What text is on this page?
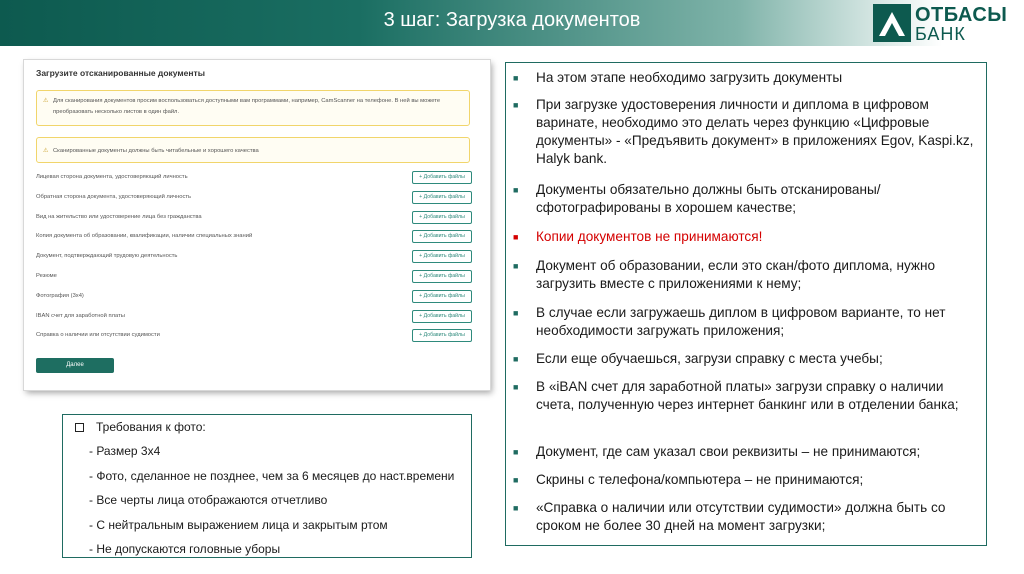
3 шаг: Загрузка документов	ОТБАСЫ
БАНК
Загрузите отсканированные документы
⚠ Для сканирования документов просим воспользоваться доступными вам программами, например, CamScanner на телефоне. В ней вы можете преобразовать несколько листов в один файл.
⚠ Сканированные документы должны быть читабельные и хорошего качества
Лицевая сторона документа, удостоверяющий личность	+ Добавить файлы
Обратная сторона документа, удостоверяющий личность	+ Добавить файлы
Вид на жительство или удостоверение лица без гражданства	+ Добавить файлы
Копия документа об образовании, квалификации, наличии специальных знаний	+ Добавить файлы
Документ, подтверждающий трудовую деятельность	+ Добавить файлы
Резюме	+ Добавить файлы
Фотография (3х4)	+ Добавить файлы
IBAN счет для заработной платы	+ Добавить файлы
Справка о наличии или отсутствии судимости	+ Добавить файлы
Далее
Требования к фото:
- Размер 3х4
- Фото, сделанное не позднее, чем за 6 месяцев до наст.времени
- Все черты лица отображаются отчетливо
- С нейтральным выражением лица и закрытым ртом
- Не допускаются головные уборы
■ На этом этапе необходимо загрузить документы
■ При загрузке удостоверения личности и диплома в цифровом варинате, необходимо это делать через функцию «Цифровые документы» - «Предъявить документ» в приложениях Egov, Kaspi.kz, Halyk bank.
■ Документы обязательно должны быть отсканированы/сфотографированы в хорошем качестве;
■ Копии документов не принимаются!
■ Документ об образовании, если это скан/фото диплома, нужно загрузить вместе с приложениями к нему;
■ В случае если загружаешь диплом в цифровом варианте, то нет необходимости загружать приложения;
■ Если еще обучаешься, загрузи справку с места учебы;
■ В «iBAN счет для заработной платы» загрузи справку о наличии счета, полученную через интернет банкинг или в отделении банка;
■ Документ, где сам указал свои реквизиты – не принимаются;
■ Скрины с телефона/компьютера – не принимаются;
■ «Справка о наличии или отсутствии судимости» должна быть со сроком не более 30 дней на момент загрузки;
